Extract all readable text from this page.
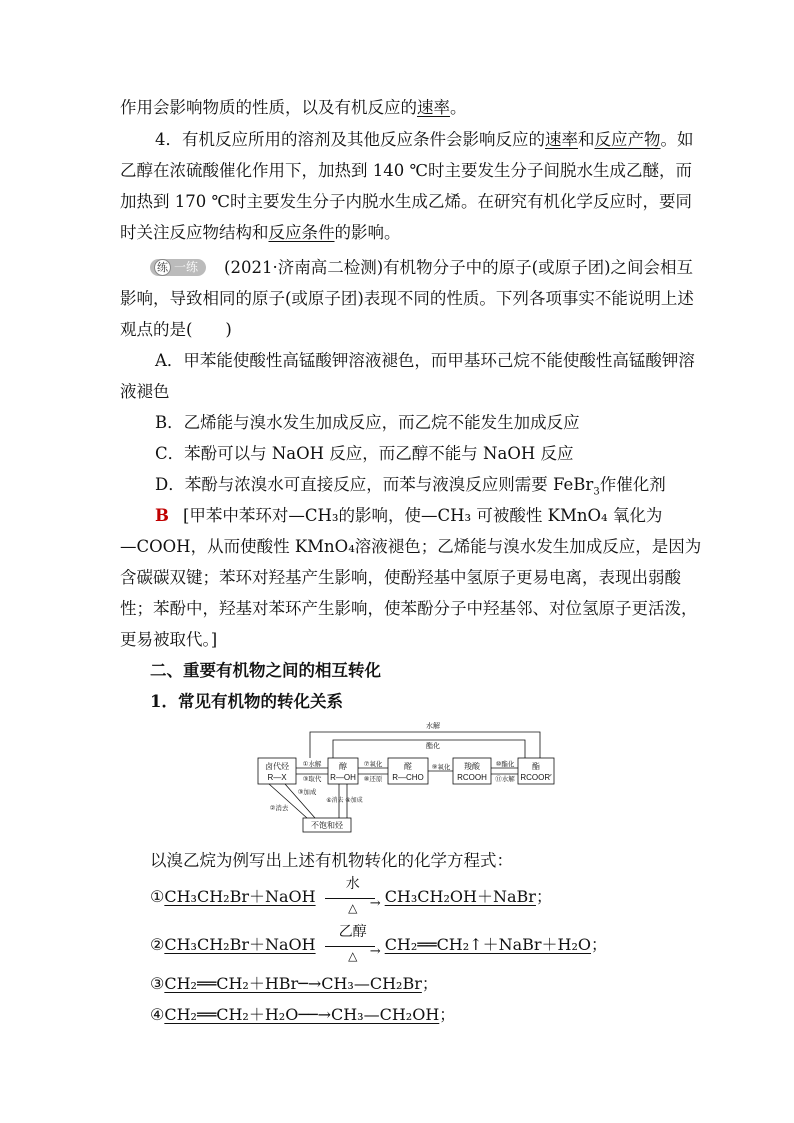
作用会影响物质的性质，以及有机反应的速率。
4．有机反应所用的溶剂及其他反应条件会影响反应的速率和反应产物。如
乙醇在浓硫酸催化作用下，加热到 140 ℃时主要发生分子间脱水生成乙醚，而
加热到 170 ℃时主要发生分子内脱水生成乙烯。在研究有机化学反应时，要同
时关注反应物结构和反应条件的影响。
练 一练 (2021·济南高二检测)有机物分子中的原子(或原子团)之间会相互
影响，导致相同的原子(或原子团)表现不同的性质。下列各项事实不能说明上述
观点的是(　　)
A．甲苯能使酸性高锰酸钾溶液褪色，而甲基环己烷不能使酸性高锰酸钾溶
液褪色
B．乙烯能与溴水发生加成反应，而乙烷不能发生加成反应
C．苯酚可以与 NaOH 反应，而乙醇不能与 NaOH 反应
D．苯酚与浓溴水可直接反应，而苯与液溴反应则需要 FeBr$_3$作催化剂
B [甲苯中苯环对—CH₃的影响，使—CH₃ 可被酸性 KMnO₄ 氧化为
—COOH，从而使酸性 KMnO₄溶液褪色；乙烯能与溴水发生加成反应，是因为
含碳碳双键；苯环对羟基产生影响，使酚羟基中氢原子更易电离，表现出弱酸
性；苯酚中，羟基对苯环产生影响，使苯酚分子中羟基邻、对位氢原子更活泼，
更易被取代。]
二、重要有机物之间的相互转化
1．常见有机物的转化关系
水解
酯化
卤代烃
R—X
醇
R—OH
醛
R—CHO
羧酸
RCOOH
酯
RCOOR′
①水解
③取代
⑦氧化
⑧还原
⑨氧化	⑩酯化
⑪水解
不饱和烃
③加成
②消去
⑥消去 ④加成
以溴乙烷为例写出上述有机物转化的化学方程式：
①CH₃CH₂Br＋NaOH
水
→
△
CH₃CH₂OH＋NaBr；
②CH₃CH₂Br＋NaOH
乙醇
→
△
CH₂══CH₂↑＋NaBr＋H₂O；
③CH₂══CH₂＋HBr─→CH₃—CH₂Br；
④CH₂══CH₂＋H₂O──→CH₃—CH₂OH；
